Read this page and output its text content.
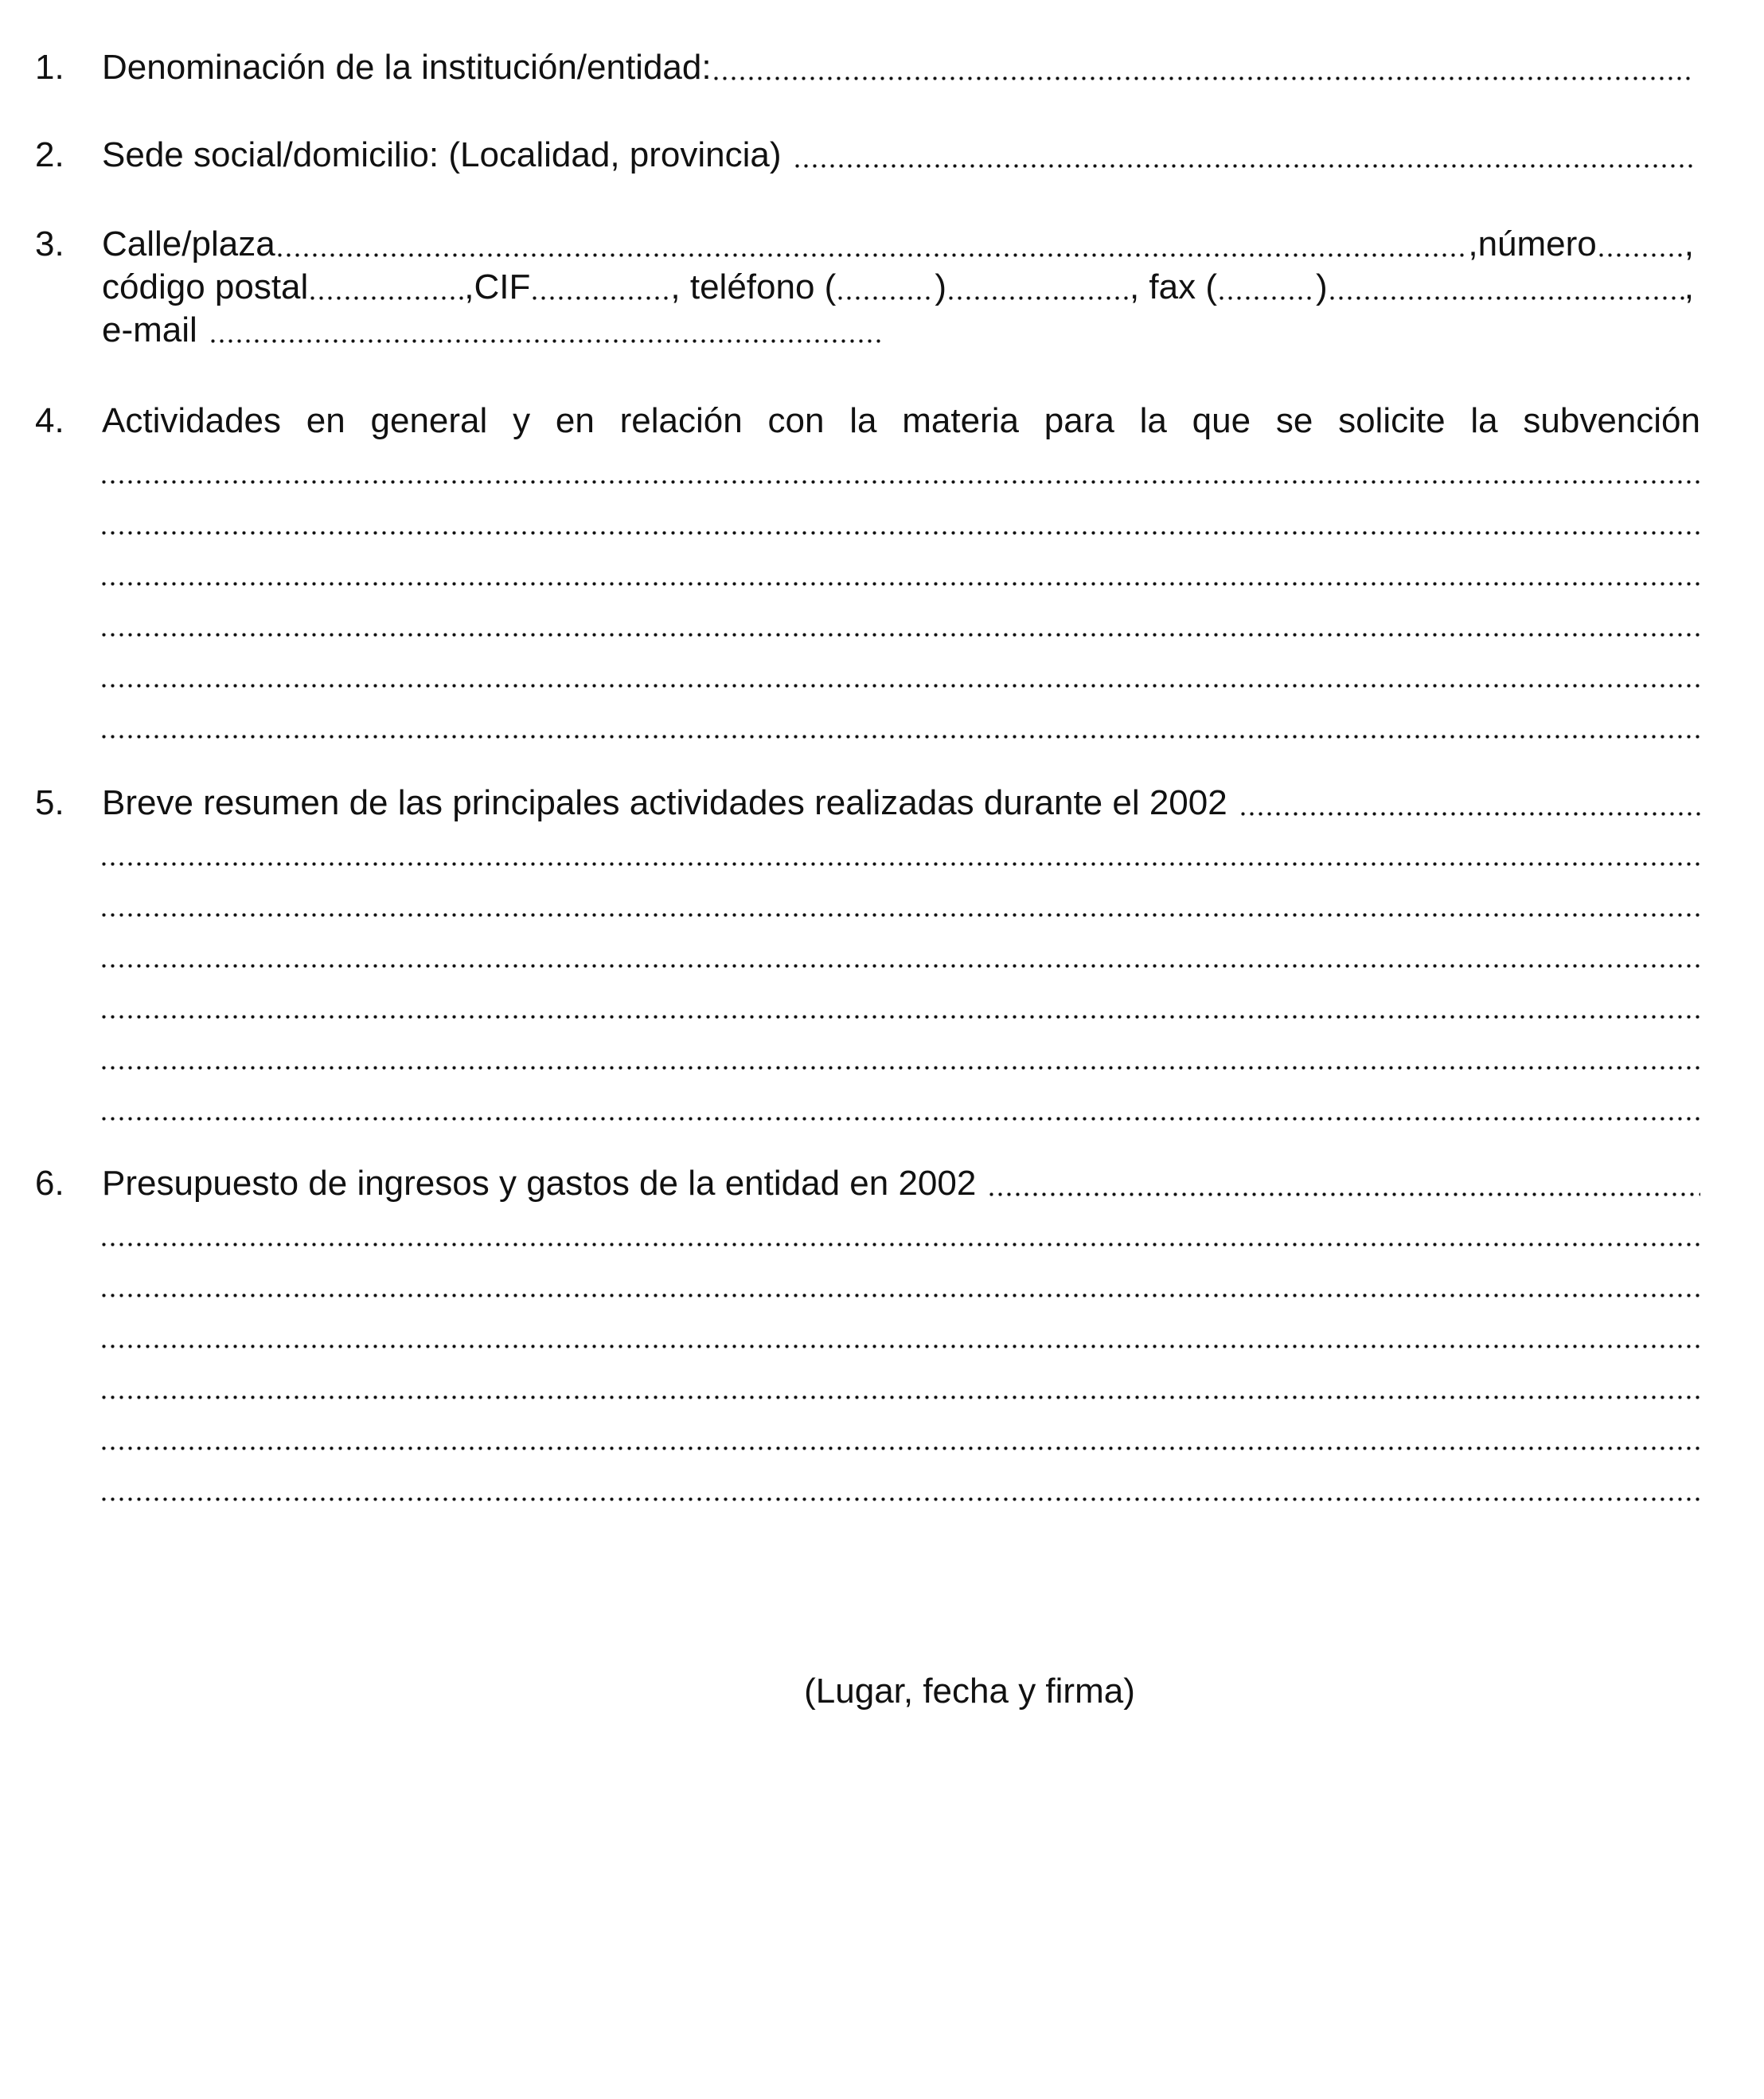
1.	Denominación de la institución/entidad:
2.	Sede social/domicilio: (Localidad, provincia)
3.	Calle/plaza	,número	,
código postal	,CIF	, teléfono (	)	, fax (	)	,
e-mail
4.	Actividades en general y en relación con la materia para la que se solicite la subvención
5.	Breve resumen de las principales actividades realizadas durante el 2002
6.	Presupuesto de ingresos y gastos de la entidad en 2002
(Lugar, fecha y firma)
